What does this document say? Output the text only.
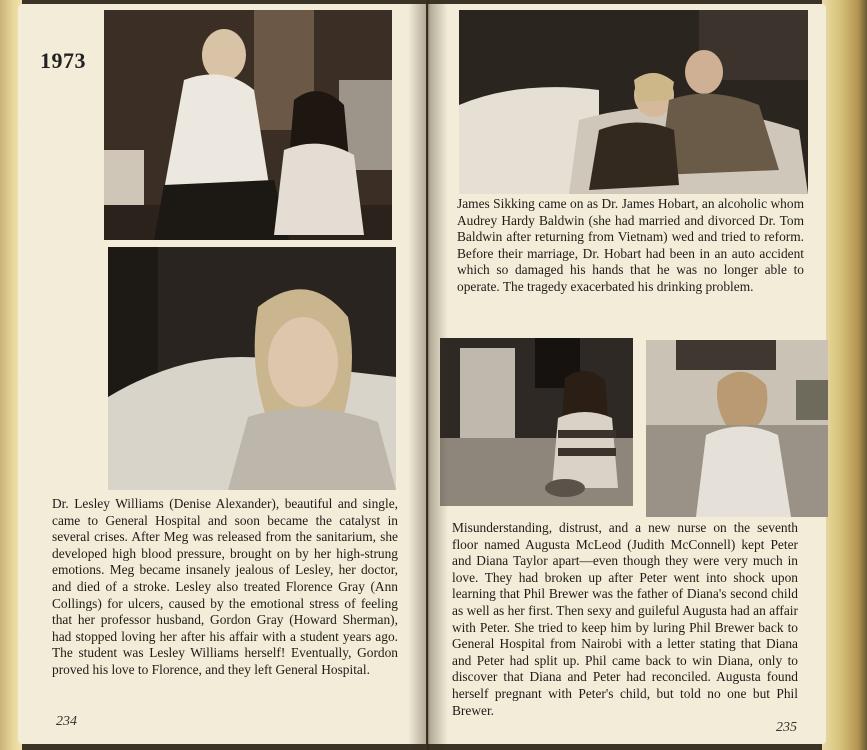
1973
Dr. Lesley Williams (Denise Alexander), beautiful and single, came to General Hospital and soon became the catalyst in several crises. After Meg was released from the sanitarium, she developed high blood pressure, brought on by her high-strung emotions. Meg became insanely jealous of Lesley, her doctor, and died of a stroke. Lesley also treated Florence Gray (Ann Collings) for ulcers, caused by the emotional stress of feeling that her professor husband, Gordon Gray (Howard Sherman), had stopped loving her after his affair with a student years ago. The student was Lesley Williams herself! Eventually, Gordon proved his love to Florence, and they left General Hospital.
234
James Sikking came on as Dr. James Hobart, an alcoholic whom Audrey Hardy Baldwin (she had married and divorced Dr. Tom Baldwin after returning from Vietnam) wed and tried to reform. Before their marriage, Dr. Hobart had been in an auto accident which so damaged his hands that he was no longer able to operate. The tragedy exacerbated his drinking problem.
Misunderstanding, distrust, and a new nurse on the seventh floor named Augusta McLeod (Judith McConnell) kept Peter and Diana Taylor apart—even though they were very much in love. They had broken up after Peter went into shock upon learning that Phil Brewer was the father of Diana's second child as well as her first. Then sexy and guileful Augusta had an affair with Peter. She tried to keep him by luring Phil Brewer back to General Hospital from Nairobi with a letter stating that Diana and Peter had split up. Phil came back to win Diana, only to discover that Diana and Peter had reconciled. Augusta found herself pregnant with Peter's child, but told no one but Phil Brewer.
235
